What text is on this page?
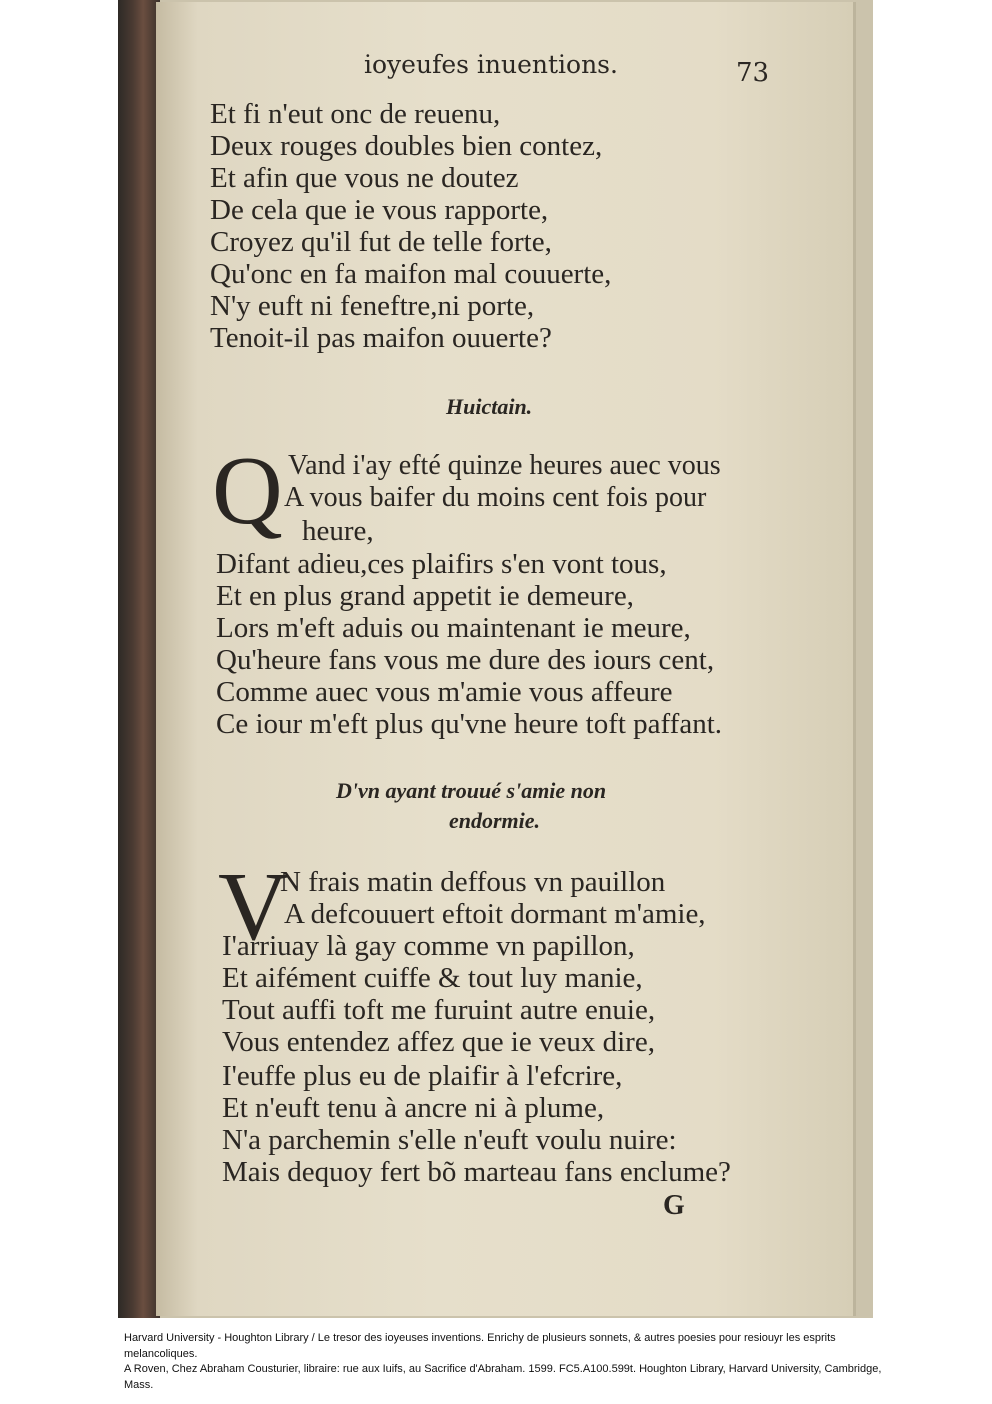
ioyeufes inuentions.	73
Et fi n'eut onc de reuenu,
Deux rouges doubles bien contez,
Et afin que vous ne doutez
De cela que ie vous rapporte,
Croyez qu'il fut de telle forte,
Qu'onc en fa maifon mal couuerte,
N'y euft ni feneftre,ni porte,
Tenoit-il pas maifon ouuerte?
Huictain.
Q Vand i'ay efté quinze heures auec vous
A vous baifer du moins cent fois pour
heure,
Difant adieu,ces plaifirs s'en vont tous,
Et en plus grand appetit ie demeure,
Lors m'eft aduis ou maintenant ie meure,
Qu'heure fans vous me dure des iours cent,
Comme auec vous m'amie vous affeure
Ce iour m'eft plus qu'vne heure toft paffant.
D'vn ayant trouué s'amie non
endormie.
V
N frais matin deffous vn pauillon
A defcouuert eftoit dormant m'amie,
I'arriuay là gay comme vn papillon,
Et aifément cuiffe & tout luy manie,
Tout auffi toft me furuint autre enuie,
Vous entendez affez que ie veux dire,
I'euffe plus eu de plaifir à l'efcrire,
Et n'euft tenu à ancre ni à plume,
N'a parchemin s'elle n'euft voulu nuire:
Mais dequoy fert bõ marteau fans enclume?
G

Harvard University - Houghton Library / Le tresor des ioyeuses inventions. Enrichy de plusieurs sonnets, & autres poesies pour resiouyr les esprits melancoliques.

A Roven, Chez Abraham Cousturier, libraire: rue aux Iuifs, au Sacrifice d'Abraham. 1599. FC5.A100.599t. Houghton Library, Harvard University, Cambridge, Mass.
